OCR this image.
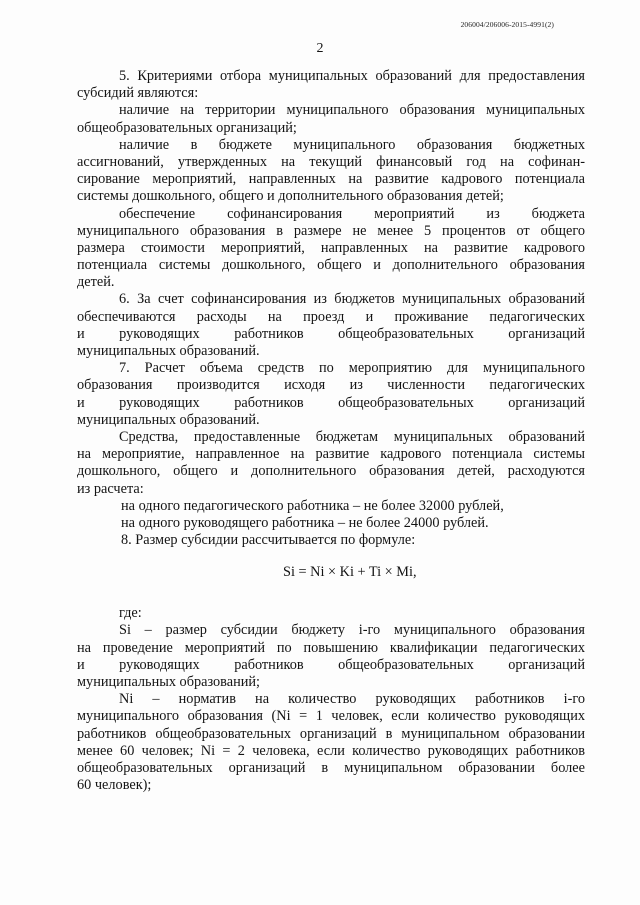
206004/206006-2015-4991(2)
2
5. Критериями отбора муниципальных образований для предоставления
субсидий являются:
наличие на территории муниципального образования муниципальных
общеобразовательных организаций;
наличие в бюджете муниципального образования бюджетных
ассигнований, утвержденных на текущий финансовый год на софинан-
сирование мероприятий, направленных на развитие кадрового потенциала
системы дошкольного, общего и дополнительного образования детей;
обеспечение софинансирования мероприятий из бюджета
муниципального образования в размере не менее 5 процентов от общего
размера стоимости мероприятий, направленных на развитие кадрового
потенциала системы дошкольного, общего и дополнительного образования
детей.
6. За счет софинансирования из бюджетов муниципальных образований
обеспечиваются расходы на проезд и проживание педагогических
и руководящих работников общеобразовательных организаций
муниципальных образований.
7. Расчет объема средств по мероприятию для муниципального
образования производится исходя из численности педагогических
и руководящих работников общеобразовательных организаций
муниципальных образований.
Средства, предоставленные бюджетам муниципальных образований
на мероприятие, направленное на развитие кадрового потенциала системы
дошкольного, общего и дополнительного образования детей, расходуются
из расчета:
на одного педагогического работника – не более 32000 рублей,
на одного руководящего работника – не более 24000 рублей.
8. Размер субсидии рассчитывается по формуле:
Si = Ni × Ki + Ti × Mi,
где:
Si – размер субсидии бюджету i-го муниципального образования
на проведение мероприятий по повышению квалификации педагогических
и руководящих работников общеобразовательных организаций
муниципальных образований;
Ni – норматив на количество руководящих работников i-го
муниципального образования (Ni = 1 человек, если количество руководящих
работников общеобразовательных организаций в муниципальном образовании
менее 60 человек; Ni = 2 человека, если количество руководящих работников
общеобразовательных организаций в муниципальном образовании более
60 человек);
